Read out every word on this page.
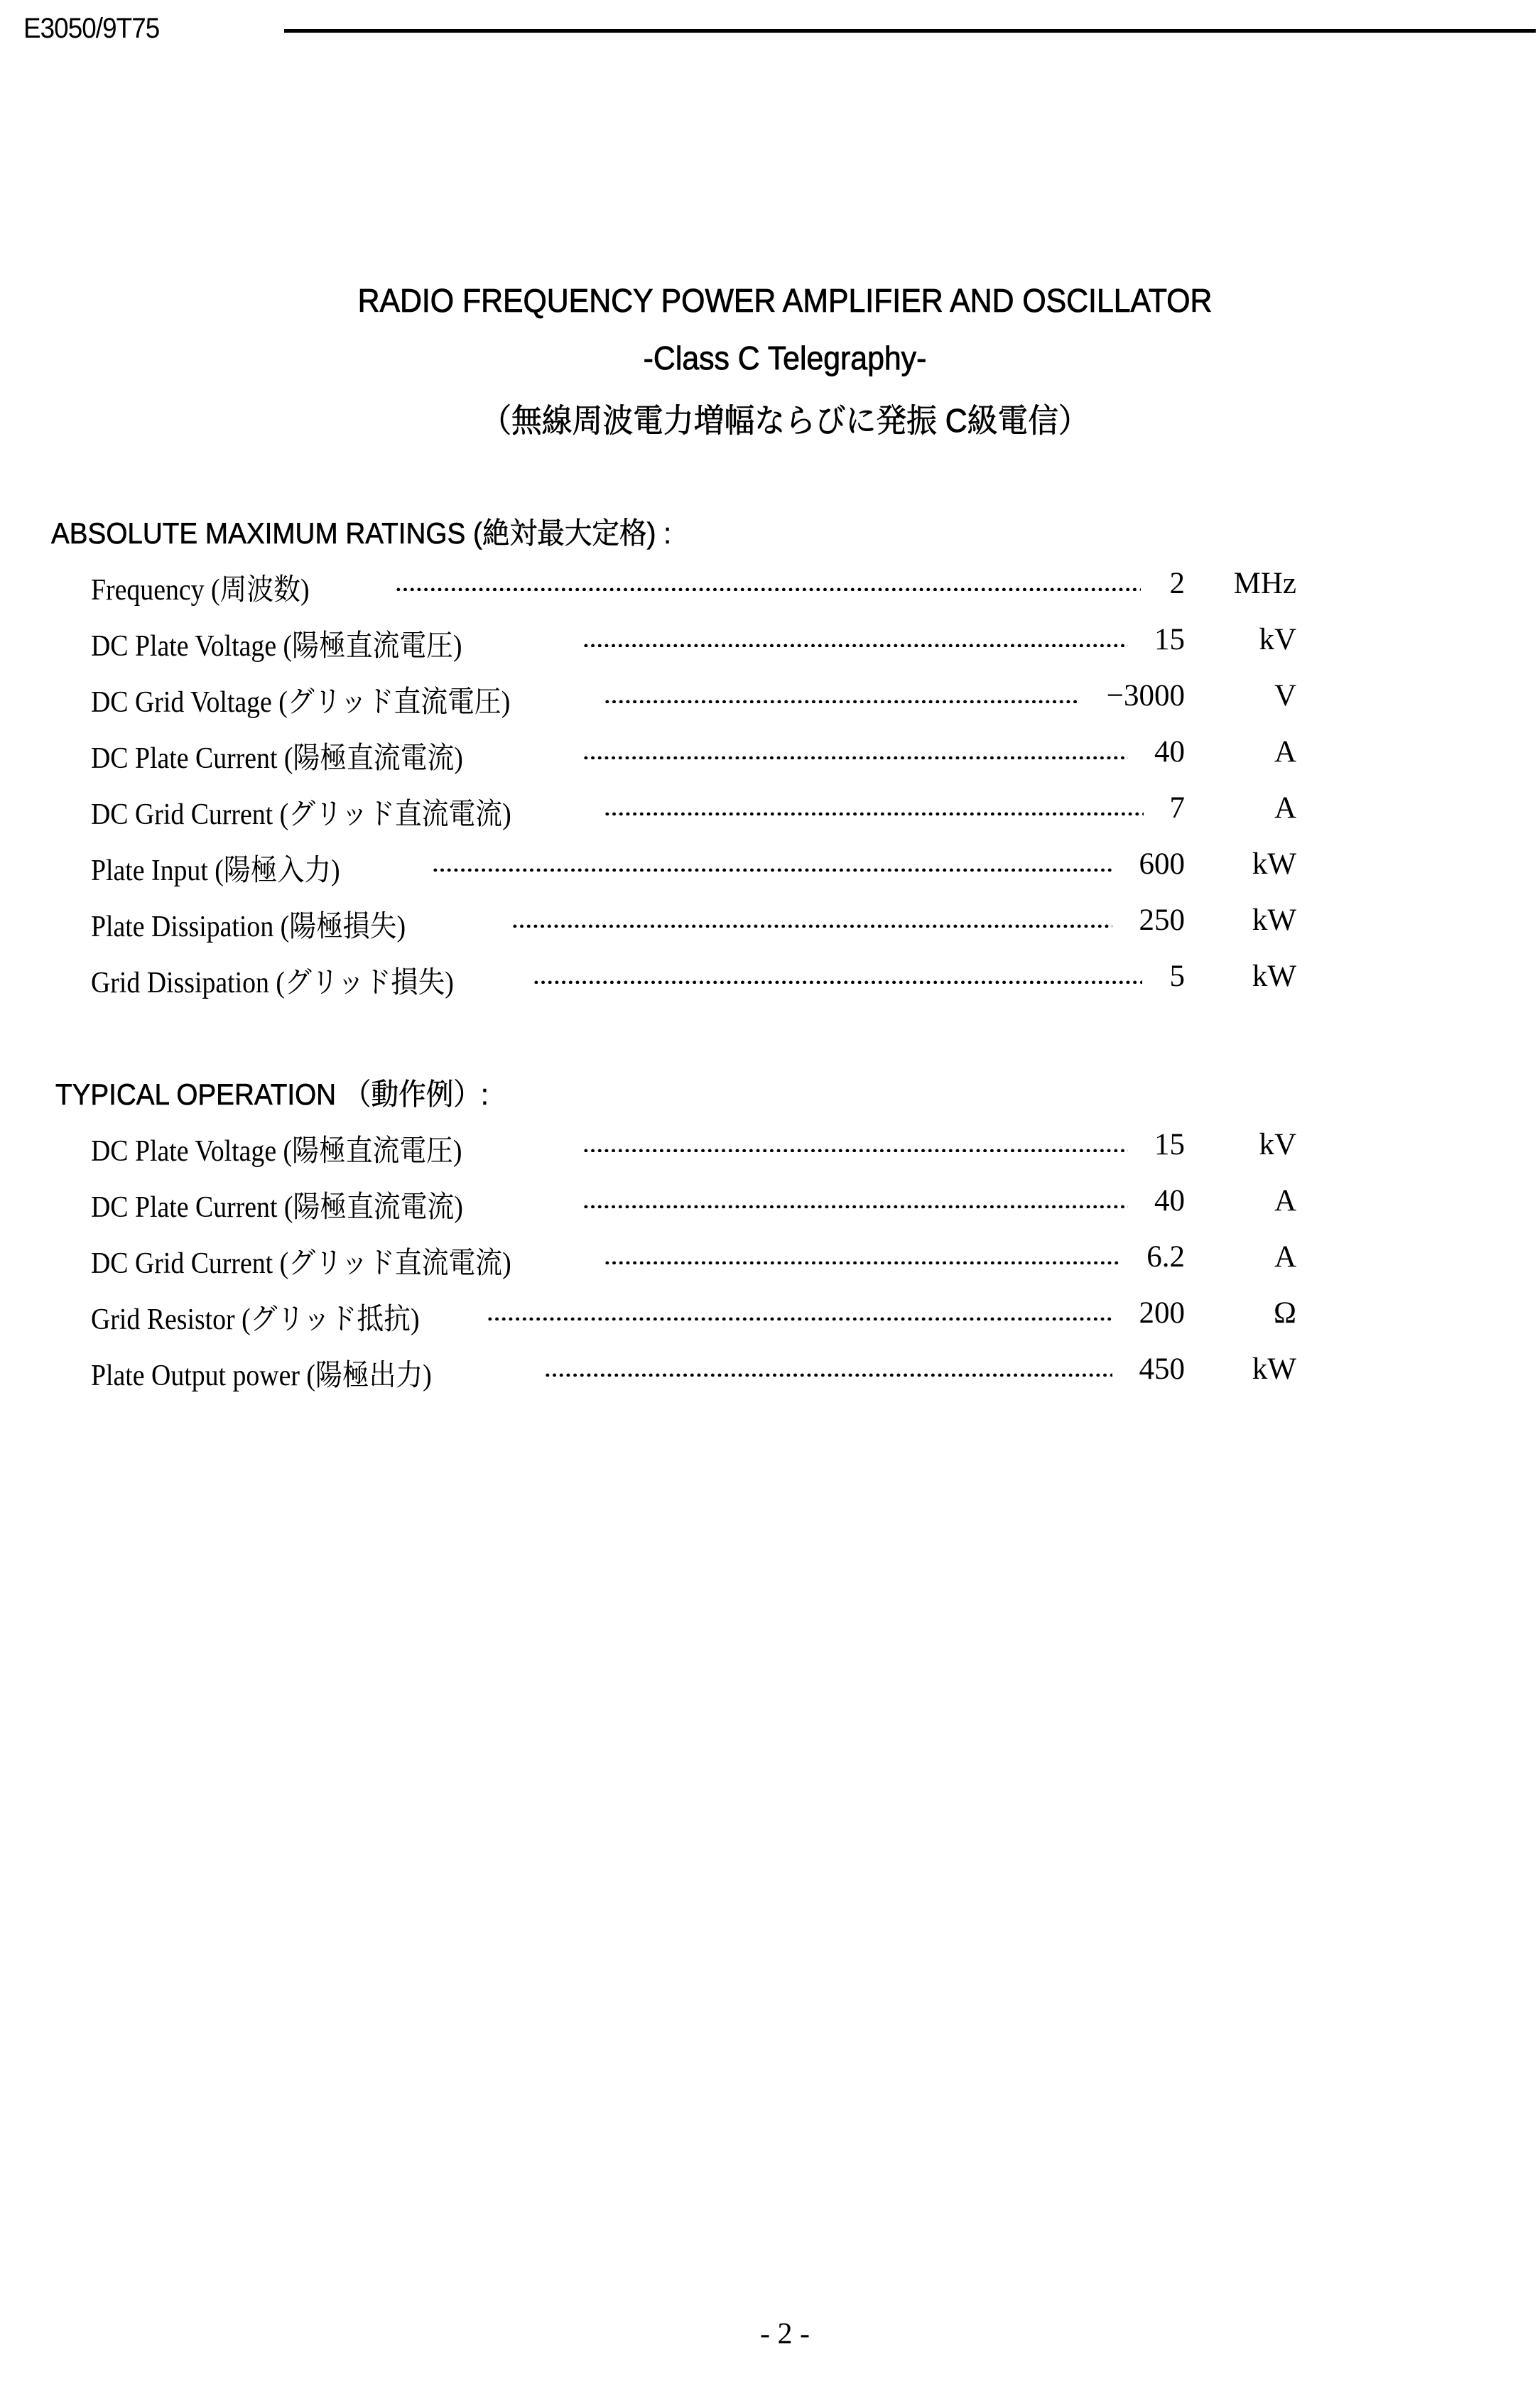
E3050/9T75
RADIO FREQUENCY POWER AMPLIFIER AND OSCILLATOR
-Class C Telegraphy-
（無線周波電力増幅ならびに発振 C級電信）
ABSOLUTE MAXIMUM RATINGS (絶対最大定格) :
Frequency (周波数)	2 MHz
DC Plate Voltage (陽極直流電圧)	15 kV
DC Grid Voltage (グリッド直流電圧)	−3000	V
DC Plate Current (陽極直流電流)	40	A
DC Grid Current (グリッド直流電流)	7	A
Plate Input (陽極入力)	600 kW
Plate Dissipation (陽極損失)	250 kW
Grid Dissipation (グリッド損失)	5 kW
TYPICAL OPERATION （動作例）:
DC Plate Voltage (陽極直流電圧)	15 kV
DC Plate Current (陽極直流電流)	40	A
DC Grid Current (グリッド直流電流)	6.2	A
Grid Resistor (グリッド抵抗)	200	Ω
Plate Output power (陽極出力)	450 kW
- 2 -
